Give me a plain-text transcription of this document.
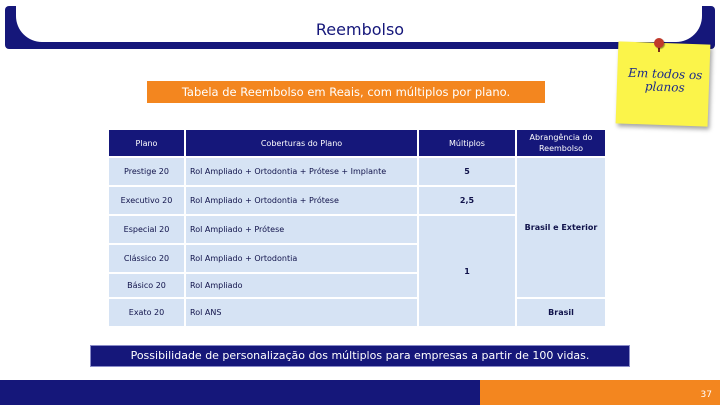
Reembolso
Tabela de Reembolso em Reais, com múltiplos por plano.
Em todos os planos
Plano	Coberturas do Plano	Múltiplos
Abrangência do Reembolso
Prestige 20
Executivo 20
Especial 20
Clássico 20
Básico 20
Exato 20
Rol Ampliado + Ortodontia + Prótese + Implante
Rol Ampliado + Ortodontia + Prótese
Rol Ampliado + Prótese
Rol Ampliado + Ortodontia
Rol Ampliado
Rol ANS
5
2,5
1
Brasil e Exterior
Brasil
Possibilidade de personalização dos múltiplos para empresas a partir de 100 vidas.
37
